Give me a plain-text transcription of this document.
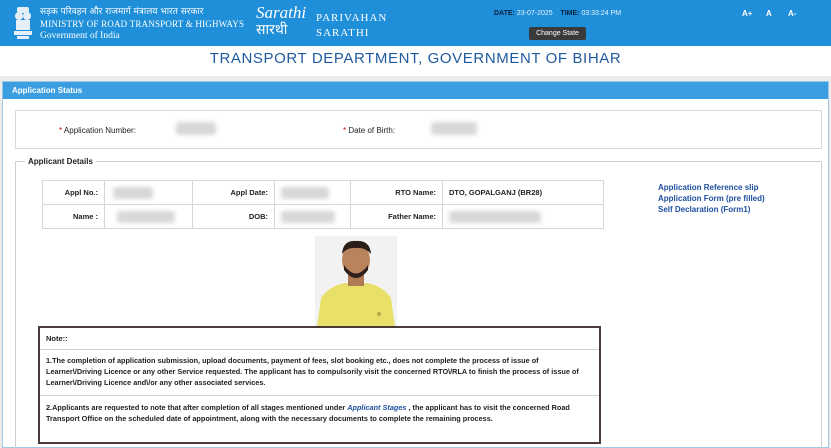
सड़क परिवहन और राजमार्ग मंत्रालय भारत सरकार
MINISTRY OF ROAD TRANSPORT & HIGHWAYS
Government of India
Sarathi
सारथी
PARIVAHAN
SARATHI
DATE: 23-07-2025 TIME: 03:33:24 PM
Change State
A+ A A-
TRANSPORT DEPARTMENT, GOVERNMENT OF BIHAR
Application Status
* Application Number:	* Date of Birth:
Applicant Details
Appl No.:		Appl Date:		RTO Name:	DTO, GOPALGANJ (BR28)
Name :		DOB:		Father Name:	
Application Reference slip
Application Form (pre filled)
Self Declaration (Form1)
Note::
1.The completion of application submission, upload documents, payment of fees, slot booking etc., does not complete the process of issue of Learner\/Driving Licence or any other Service requested. The applicant has to compulsorily visit the concerned RTO\/RLA to finish the process of issue of Learner\/Driving Licence and\/or any other associated services.
2.Applicants are requested to note that after completion of all stages mentioned under Applicant Stages , the applicant has to visit the concerned Road Transport Office on the scheduled date of appointment, along with the necessary documents to complete the remaining process.
